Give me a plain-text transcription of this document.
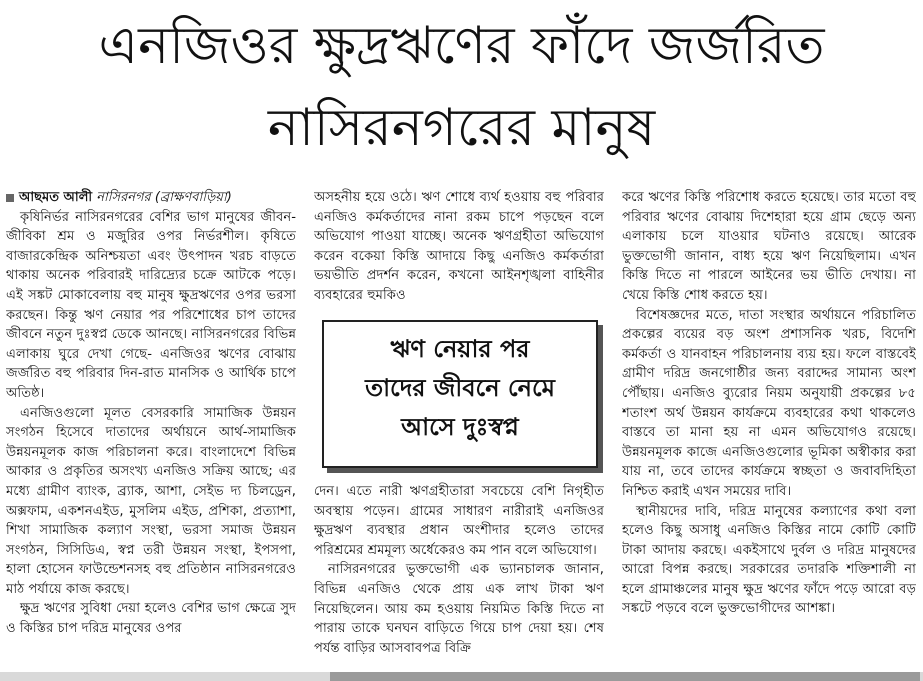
এনজিওর ক্ষুদ্রঋণের ফাঁদে জর্জরিত
নাসিরনগরের মানুষ
আছমত আলী নাসিরনগর (ব্রাক্ষণবাড়িয়া)

কৃষিনির্ভর নাসিরনগরের বেশির ভাগ মানুষের জীবন-জীবিকা শ্রম ও মজুরির ওপর নির্ভরশীল। কৃষিতে বাজারকেন্দ্রিক অনিশ্চয়তা এবং উৎপাদন খরচ বাড়তে থাকায় অনেক পরিবারই দারিদ্র্যের চক্রে আটকে পড়ে। এই সঙ্কট মোকাবেলায় বহু মানুষ ক্ষুদ্রঋণের ওপর ভরসা করছেন। কিন্তু ঋণ নেয়ার পর পরিশোধের চাপ তাদের জীবনে নতুন দুঃস্বপ্ন ডেকে আনছে। নাসিরনগরের বিভিন্ন এলাকায় ঘুরে দেখা গেছে- এনজিওর ঋণের বোঝায় জর্জরিত বহু পরিবার দিন-রাত মানসিক ও আর্থিক চাপে অতিষ্ঠ।

এনজিওগুলো মূলত বেসরকারি সামাজিক উন্নয়ন সংগঠন হিসেবে দাতাদের অর্থায়নে আর্থ-সামাজিক উন্নয়নমূলক কাজ পরিচালনা করে। বাংলাদেশে বিভিন্ন আকার ও প্রকৃতির অসংখ্য এনজিও সক্রিয় আছে; এর মধ্যে গ্রামীণ ব্যাংক, ব্র্যাক, আশা, সেইভ দ্য চিলড্রেন, অক্সফাম, একশনএইড, মুসলিম এইড, প্রশিকা, প্রত্যাশা, শিখা সামাজিক কল্যাণ সংস্থা, ভরসা সমাজ উন্নয়ন সংগঠন, সিসিডিএ, স্বপ্ন তরী উন্নয়ন সংস্থা, ইপসপা, হালা হোসেন ফাউন্ডেশনসহ বহু প্রতিষ্ঠান নাসিরনগরেও মাঠ পর্যায়ে কাজ করছে।

ক্ষুদ্র ঋণের সুবিধা দেয়া হলেও বেশির ভাগ ক্ষেত্রে সুদ ও কিস্তির চাপ দরিদ্র মানুষের ওপর

অসহনীয় হয়ে ওঠে। ঋণ শোধে ব্যর্থ হওয়ায় বহু পরিবার এনজিও কর্মকর্তাদের নানা রকম চাপে পড়ছেন বলে অভিযোগ পাওয়া যাচ্ছে। অনেক ঋণগ্রহীতা অভিযোগ করেন বকেয়া কিস্তি আদায়ে কিছু এনজিও কর্মকর্তারা ভয়ভীতি প্রদর্শন করেন, কখনো আইনশৃঙ্খলা বাহিনীর ব্যবহারের হুমকিও

ঋণ নেয়ার পর
তাদের জীবনে নেমে
আসে দুঃস্বপ্ন

দেন। এতে নারী ঋণগ্রহীতারা সবচেয়ে বেশি নিগৃহীত অবস্থায় পড়েন। গ্রামের সাধারণ নারীরাই এনজিওর ক্ষুদ্রঋণ ব্যবস্থার প্রধান অংশীদার হলেও তাদের পরিশ্রমের শ্রমমূল্য অর্ধেকেরও কম পান বলে অভিযোগ।

নাসিরনগরের ভুক্তভোগী এক ভ্যানচালক জানান, বিভিন্ন এনজিও থেকে প্রায় এক লাখ টাকা ঋণ নিয়েছিলেন। আয় কম হওয়ায় নিয়মিত কিস্তি দিতে না পারায় তাকে ঘনঘন বাড়িতে গিয়ে চাপ দেয়া হয়। শেষ পর্যন্ত বাড়ির আসবাবপত্র বিক্রি

করে ঋণের কিস্তি পরিশোধ করতে হয়েছে। তার মতো বহু পরিবার ঋণের বোঝায় দিশেহারা হয়ে গ্রাম ছেড়ে অন্য এলাকায় চলে যাওয়ার ঘটনাও রয়েছে। আরেক ভুক্তভোগী জানান, বাধ্য হয়ে ঋণ নিয়েছিলাম। এখন কিস্তি দিতে না পারলে আইনের ভয় ভীতি দেখায়। না খেয়ে কিস্তি শোধ করতে হয়।

বিশেষজ্ঞদের মতে, দাতা সংস্থার অর্থায়নে পরিচালিত প্রকল্পের ব্যয়ের বড় অংশ প্রশাসনিক খরচ, বিদেশি কর্মকর্তা ও যানবাহন পরিচালনায় ব্যয় হয়। ফলে বাস্তবেই গ্রামীণ দরিদ্র জনগোষ্ঠীর জন্য বরাদ্দের সামান্য অংশ পৌঁছায়। এনজিও ব্যুরোর নিয়ম অনুযায়ী প্রকল্পের ৮৫ শতাংশ অর্থ উন্নয়ন কার্যক্রমে ব্যবহারের কথা থাকলেও বাস্তবে তা মানা হয় না এমন অভিযোগও রয়েছে। উন্নয়নমূলক কাজে এনজিওগুলোর ভূমিকা অস্বীকার করা যায় না, তবে তাদের কার্যক্রমে স্বচ্ছতা ও জবাবদিহিতা নিশ্চিত করাই এখন সময়ের দাবি।

স্থানীয়দের দাবি, দরিদ্র মানুষের কল্যাণের কথা বলা হলেও কিছু অসাধু এনজিও কিস্তির নামে কোটি কোটি টাকা আদায় করছে। একইসাথে দুর্বল ও দরিদ্র মানুষদের আরো বিপন্ন করছে। সরকারের তদারকি শক্তিশালী না হলে গ্রামাঞ্চলের মানুষ ক্ষুদ্র ঋণের ফাঁদে পড়ে আরো বড় সঙ্কটে পড়বে বলে ভুক্তভোগীদের আশঙ্কা।
